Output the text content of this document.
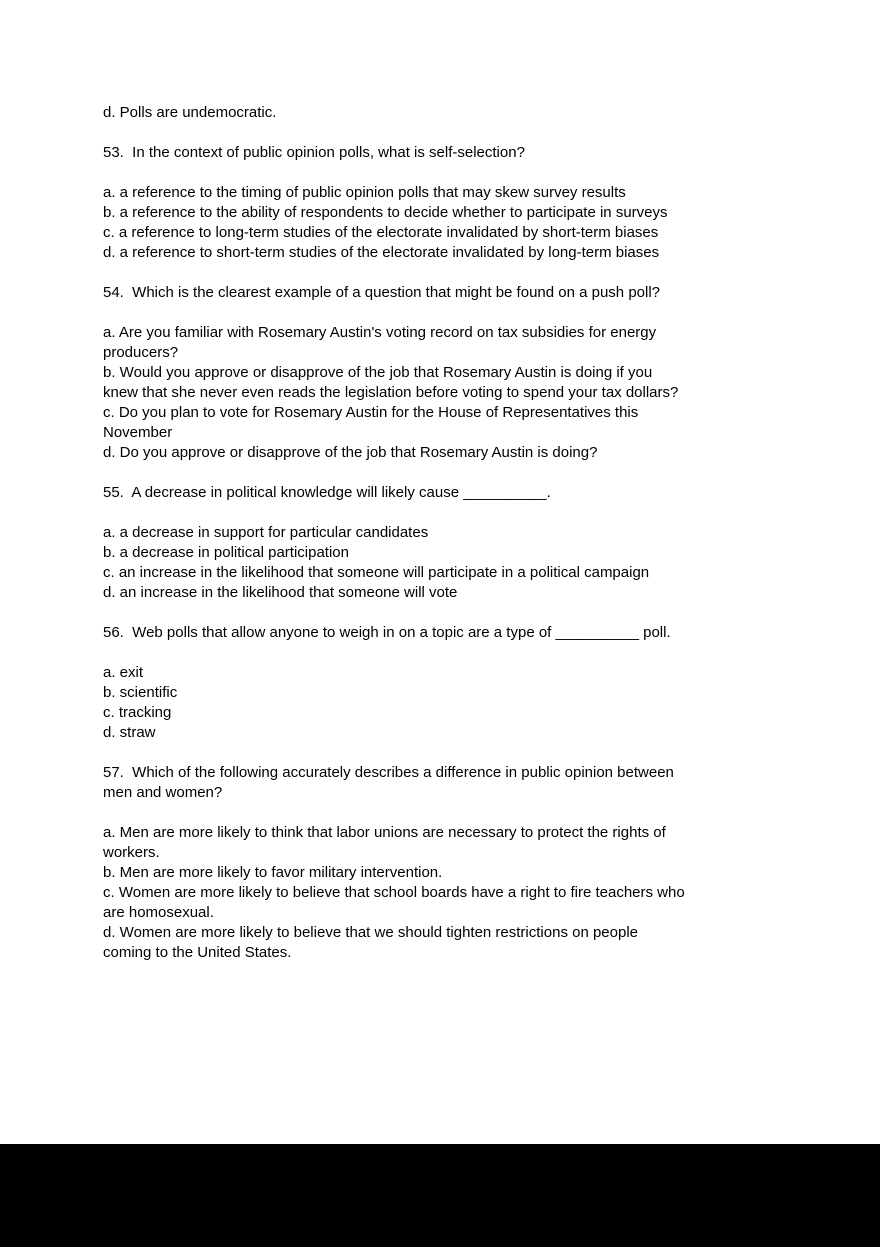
d. Polls are undemocratic.
53.  In the context of public opinion polls, what is self-selection?
a. a reference to the timing of public opinion polls that may skew survey results
b. a reference to the ability of respondents to decide whether to participate in surveys
c. a reference to long-term studies of the electorate invalidated by short-term biases
d. a reference to short-term studies of the electorate invalidated by long-term biases
54.  Which is the clearest example of a question that might be found on a push poll?
a. Are you familiar with Rosemary Austin's voting record on tax subsidies for energy
producers?
b. Would you approve or disapprove of the job that Rosemary Austin is doing if you
knew that she never even reads the legislation before voting to spend your tax dollars?
c. Do you plan to vote for Rosemary Austin for the House of Representatives this
November
d. Do you approve or disapprove of the job that Rosemary Austin is doing?
55.  A decrease in political knowledge will likely cause __________.
a. a decrease in support for particular candidates
b. a decrease in political participation
c. an increase in the likelihood that someone will participate in a political campaign
d. an increase in the likelihood that someone will vote
56.  Web polls that allow anyone to weigh in on a topic are a type of __________ poll.
a. exit
b. scientific
c. tracking
d. straw
57.  Which of the following accurately describes a difference in public opinion between
men and women?
a. Men are more likely to think that labor unions are necessary to protect the rights of
workers.
b. Men are more likely to favor military intervention.
c. Women are more likely to believe that school boards have a right to fire teachers who
are homosexual.
d. Women are more likely to believe that we should tighten restrictions on people
coming to the United States.
